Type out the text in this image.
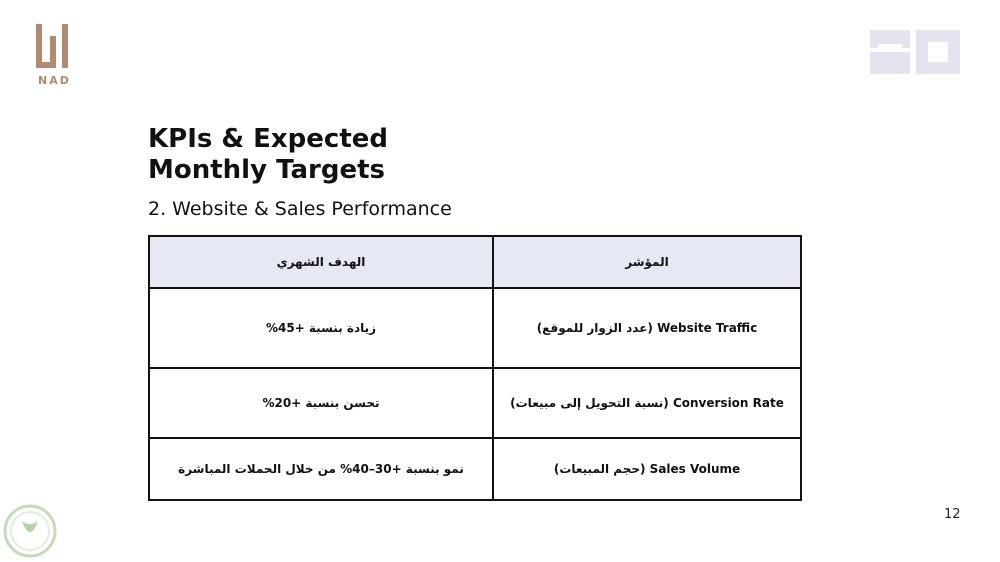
NAD
KPIs & Expected
Monthly Targets
2. Website & Sales Performance
الهدف الشهري	المؤشر
زيادة بنسبة +45%	Website Traffic (عدد الزوار للموقع)
تحسن بنسبة +20%	Conversion Rate (نسبة التحويل إلى مبيعات)
نمو بنسبة +30–40% من خلال الحملات المباشرة	Sales Volume (حجم المبيعات)
12
